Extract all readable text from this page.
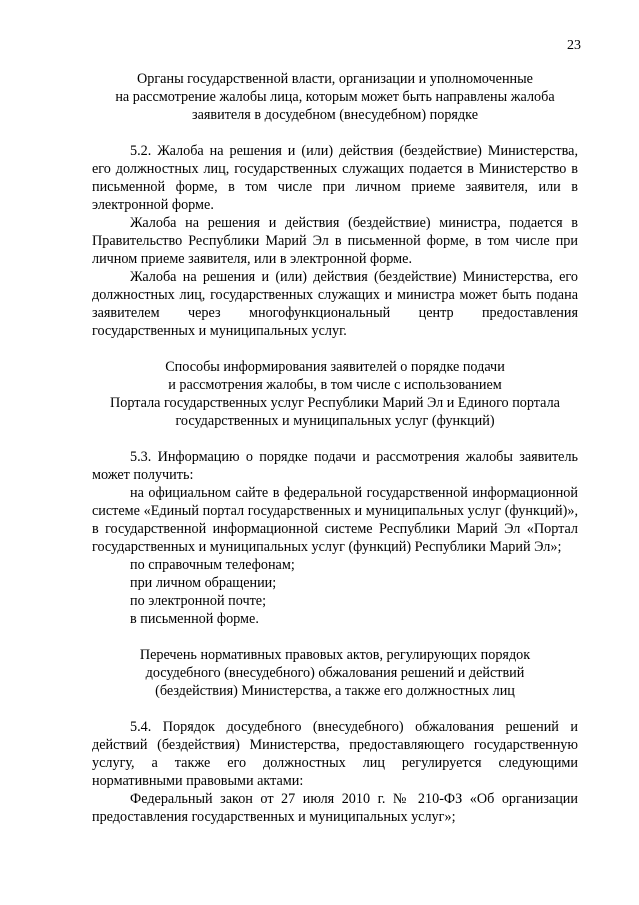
23
Органы государственной власти, организации и уполномоченные
на рассмотрение жалобы лица, которым может быть направлены жалоба
заявителя в досудебном (внесудебном) порядке
5.2. Жалоба на решения и (или) действия (бездействие) Министерства, его должностных лиц, государственных служащих подается в Министерство в письменной форме, в том числе при личном приеме заявителя, или в электронной форме.
Жалоба на решения и действия (бездействие) министра, подается в Правительство Республики Марий Эл в письменной форме, в том числе при личном приеме заявителя, или в электронной форме.
Жалоба на решения и (или) действия (бездействие) Министерства, его должностных лиц, государственных служащих и министра может быть подана заявителем через многофункциональный центр предоставления государственных и муниципальных услуг.
Способы информирования заявителей о порядке подачи
и рассмотрения жалобы, в том числе с использованием
Портала государственных услуг Республики Марий Эл и Единого портала
государственных и муниципальных услуг (функций)
5.3. Информацию о порядке подачи и рассмотрения жалобы заявитель может получить:
на официальном сайте в федеральной государственной информационной системе «Единый портал государственных и муниципальных услуг (функций)», в государственной информационной системе Республики Марий Эл «Портал государственных и муниципальных услуг (функций) Республики Марий Эл»;
по справочным телефонам;
при личном обращении;
по электронной почте;
в письменной форме.
Перечень нормативных правовых актов, регулирующих порядок
досудебного (внесудебного) обжалования решений и действий
(бездействия) Министерства, а также его должностных лиц
5.4. Порядок досудебного (внесудебного) обжалования решений и действий (бездействия) Министерства, предоставляющего государственную услугу, а также его должностных лиц регулируется следующими нормативными правовыми актами:
Федеральный закон от 27 июля 2010 г. № 210-ФЗ «Об организации предоставления государственных и муниципальных услуг»;
